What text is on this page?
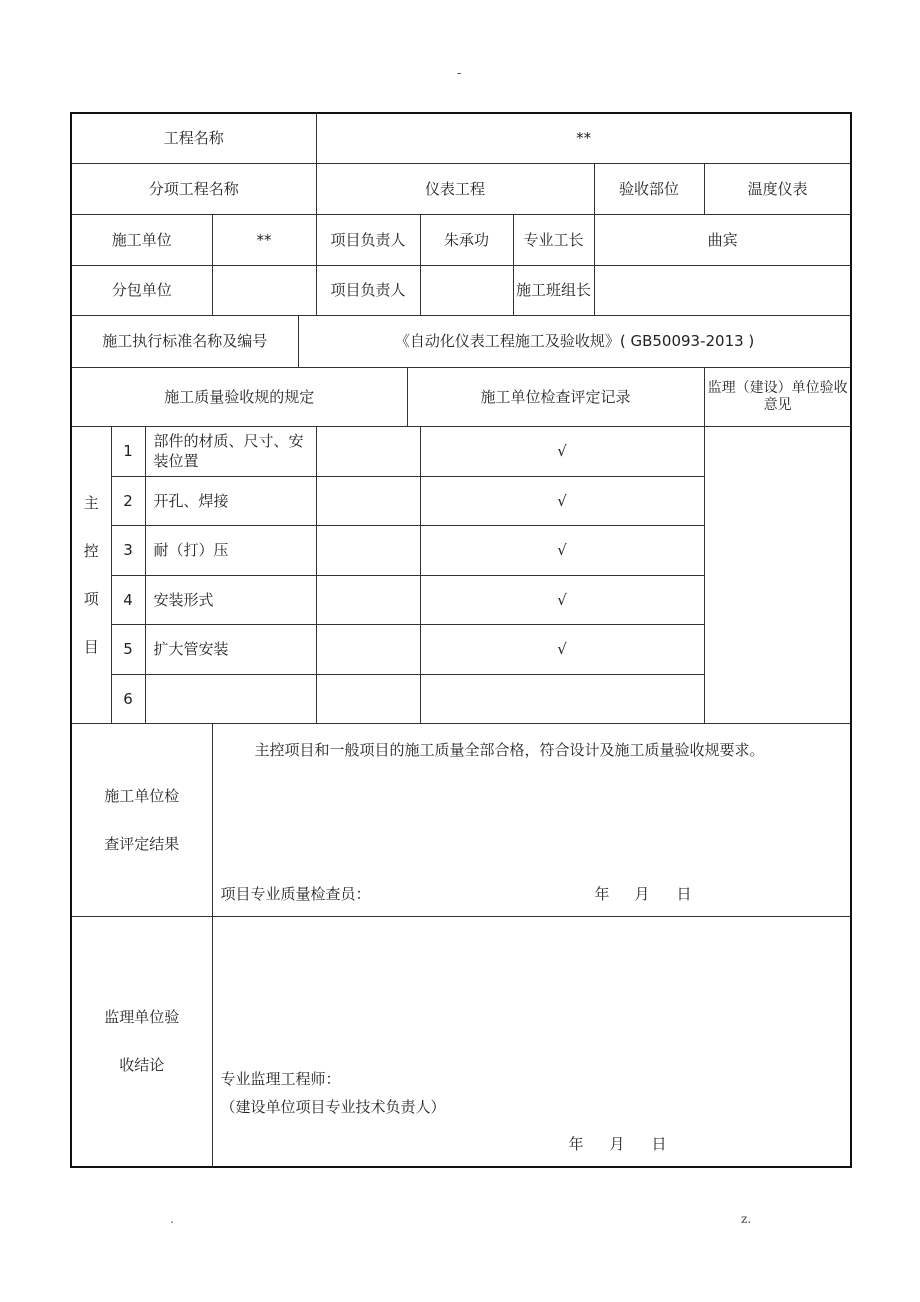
-
工程名称					**					
分项工程名称					仪表工程				验收部位	温度仪表
施工单位			**		项目负责人		朱承功	专业工长	曲宾	
分包单位					项目负责人			施工班组长		
施工执行标准名称及编号				《自动化仪表工程施工及验收规》( GB50093-2013 )						
施工质量验收规的规定						施工单位检查评定记录				监理（建设）单位验收
意见

主
控
项
目	1	部件的材质、尺寸、安装位置					√			
	2	开孔、焊接					√			
	3	耐（打）压					√			
	4	安装形式					√			
	5	扩大管安装					√			
	6									

施工单位检
查评定结果			主控项目和一般项目的施工质量全部合格，符合设计及施工质量验收规要求。
项目专业质量检查员： 年 月 日							

监理单位验
收结论			专业监理工程师：
（建设单位项目专业技术负责人）
年 月 日							
.	z.
